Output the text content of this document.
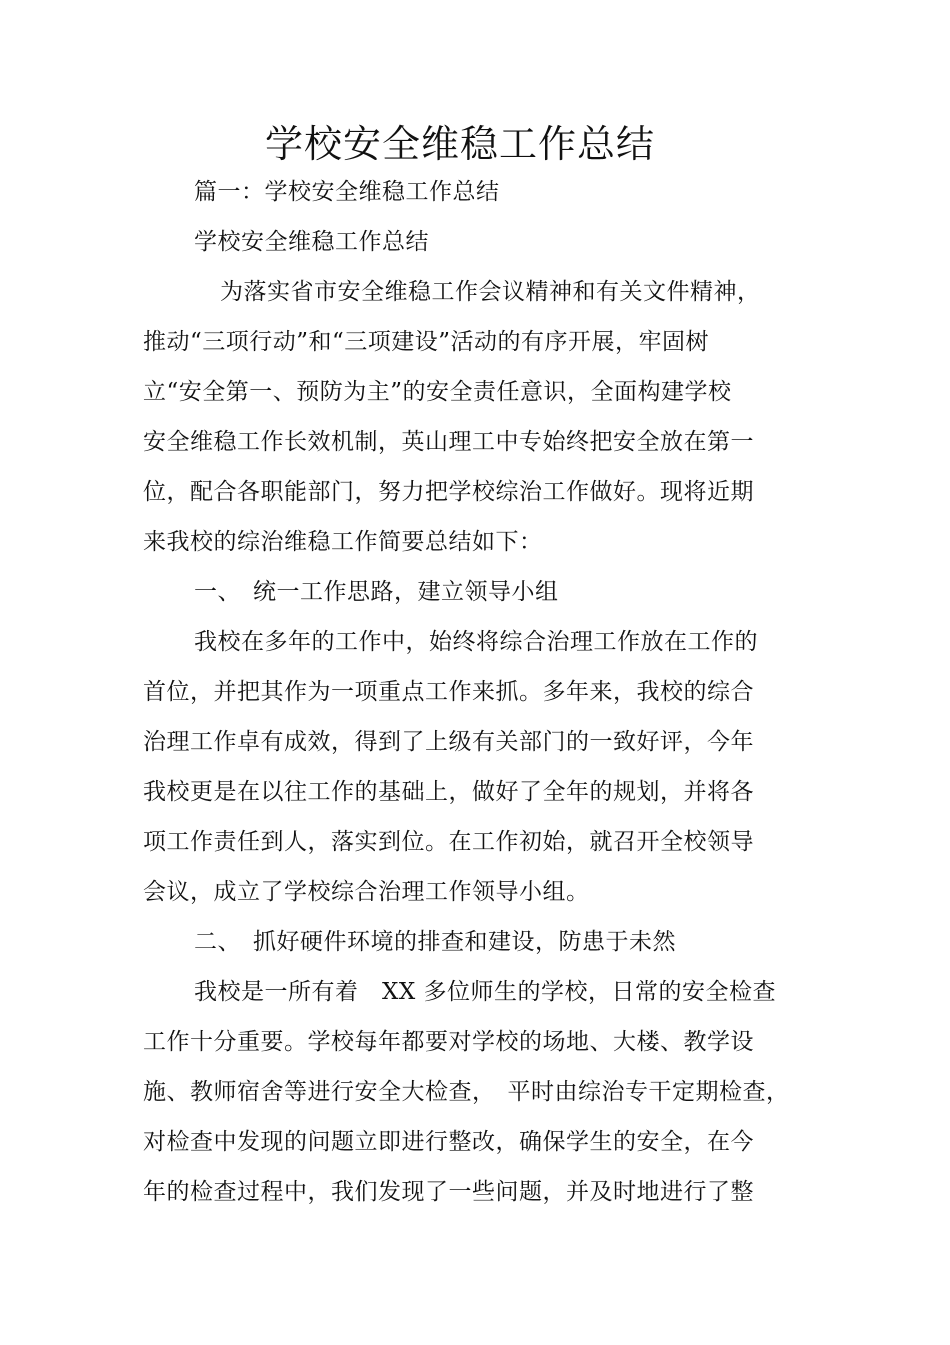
学校安全维稳工作总结
篇一：学校安全维稳工作总结
学校安全维稳工作总结
为落实省市安全维稳工作会议精神和有关文件精神，
推动“三项行动”和“三项建设”活动的有序开展，牢固树
立“安全第一、预防为主”的安全责任意识，全面构建学校
安全维稳工作长效机制，英山理工中专始终把安全放在第一
位，配合各职能部门，努力把学校综治工作做好。现将近期
来我校的综治维稳工作简要总结如下：
一、　统一工作思路，建立领导小组
我校在多年的工作中，始终将综合治理工作放在工作的
首位，并把其作为一项重点工作来抓。多年来，我校的综合
治理工作卓有成效，得到了上级有关部门的一致好评，今年
我校更是在以往工作的基础上，做好了全年的规划，并将各
项工作责任到人，落实到位。在工作初始，就召开全校领导
会议，成立了学校综合治理工作领导小组。
二、　抓好硬件环境的排查和建设，防患于未然
我校是一所有着　XX 多位师生的学校，日常的安全检查
工作十分重要。学校每年都要对学校的场地、大楼、教学设
施、教师宿舍等进行安全大检查，　平时由综治专干定期检查，
对检查中发现的问题立即进行整改，确保学生的安全，在今
年的检查过程中，我们发现了一些问题，并及时地进行了整
